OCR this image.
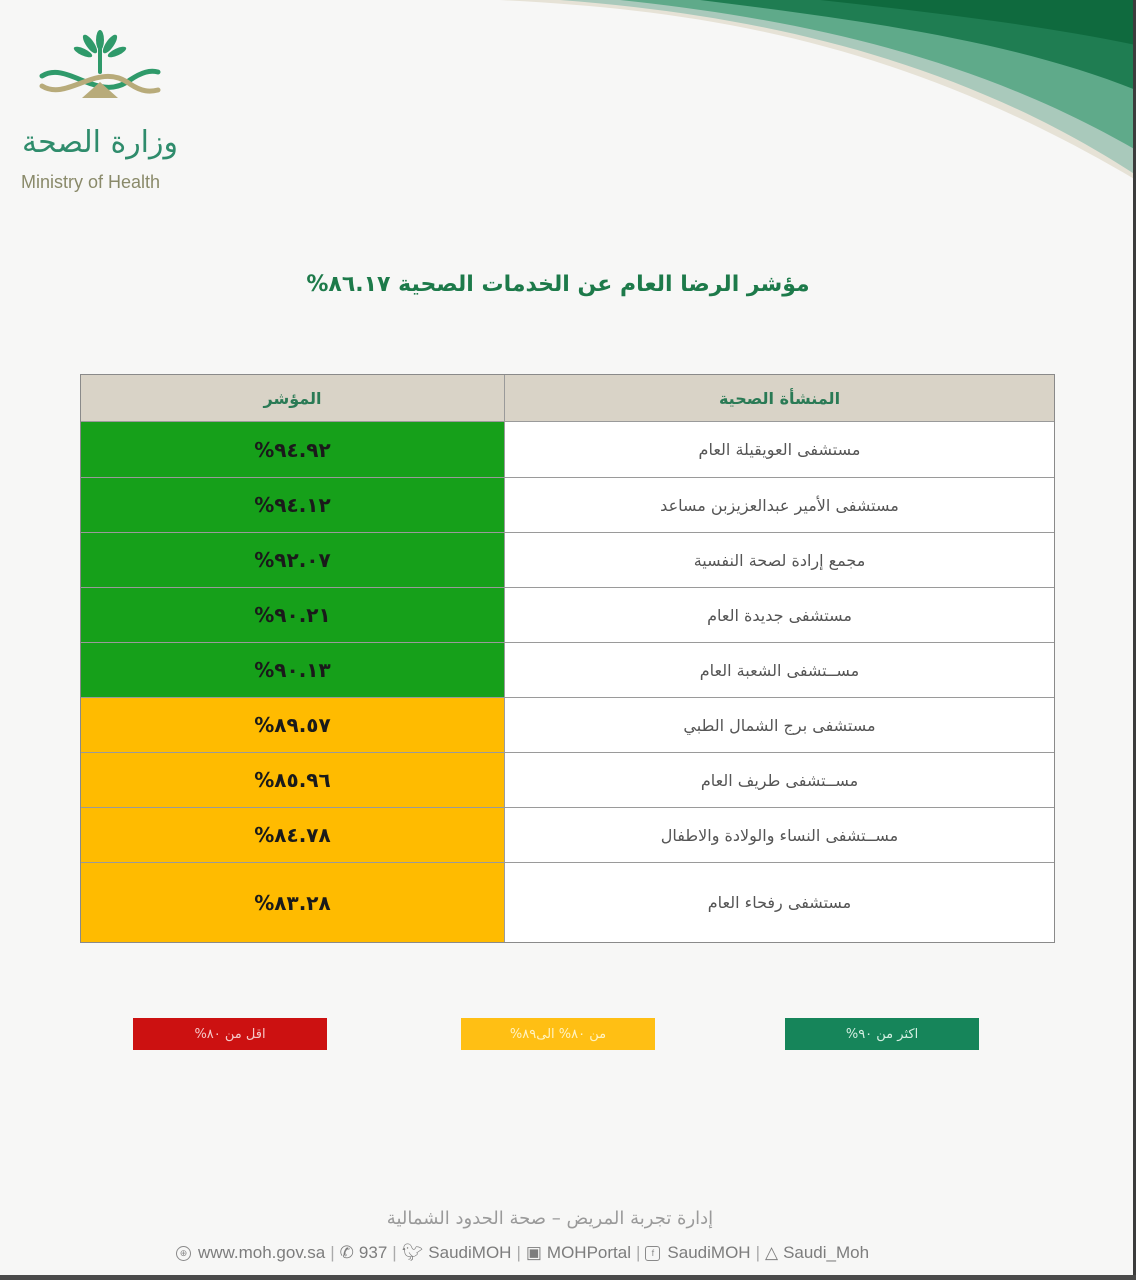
وزارة الصحة
Ministry of Health
مؤشر الرضا العام عن الخدمات الصحية ٨٦.١٧%
المؤشر	المنشأة الصحية
%٩٤.٩٢	مستشفى العويقيلة العام
%٩٤.١٢	مستشفى الأمير عبدالعزيزبن مساعد
%٩٢.٠٧	مجمع إرادة لصحة النفسية
%٩٠.٢١	مستشفى جديدة العام
%٩٠.١٣	مســتشفى الشعبة العام
%٨٩.٥٧	مستشفى برج الشمال الطبي
%٨٥.٩٦	مســتشفى طريف العام
%٨٤.٧٨	مســتشفى النساء والولادة والاطفال
%٨٣.٢٨	مستشفى رفحاء العام
اقل من ٨٠%	من ٨٠% الى٨٩%	اكثر من ٩٠%
إدارة تجربة المريض – صحة الحدود الشمالية
⊕ www.moh.gov.sa | ✆ 937 | 🐦︎ SaudiMOH | ▣ MOHPortal |	f SaudiMOH | △ Saudi_Moh
